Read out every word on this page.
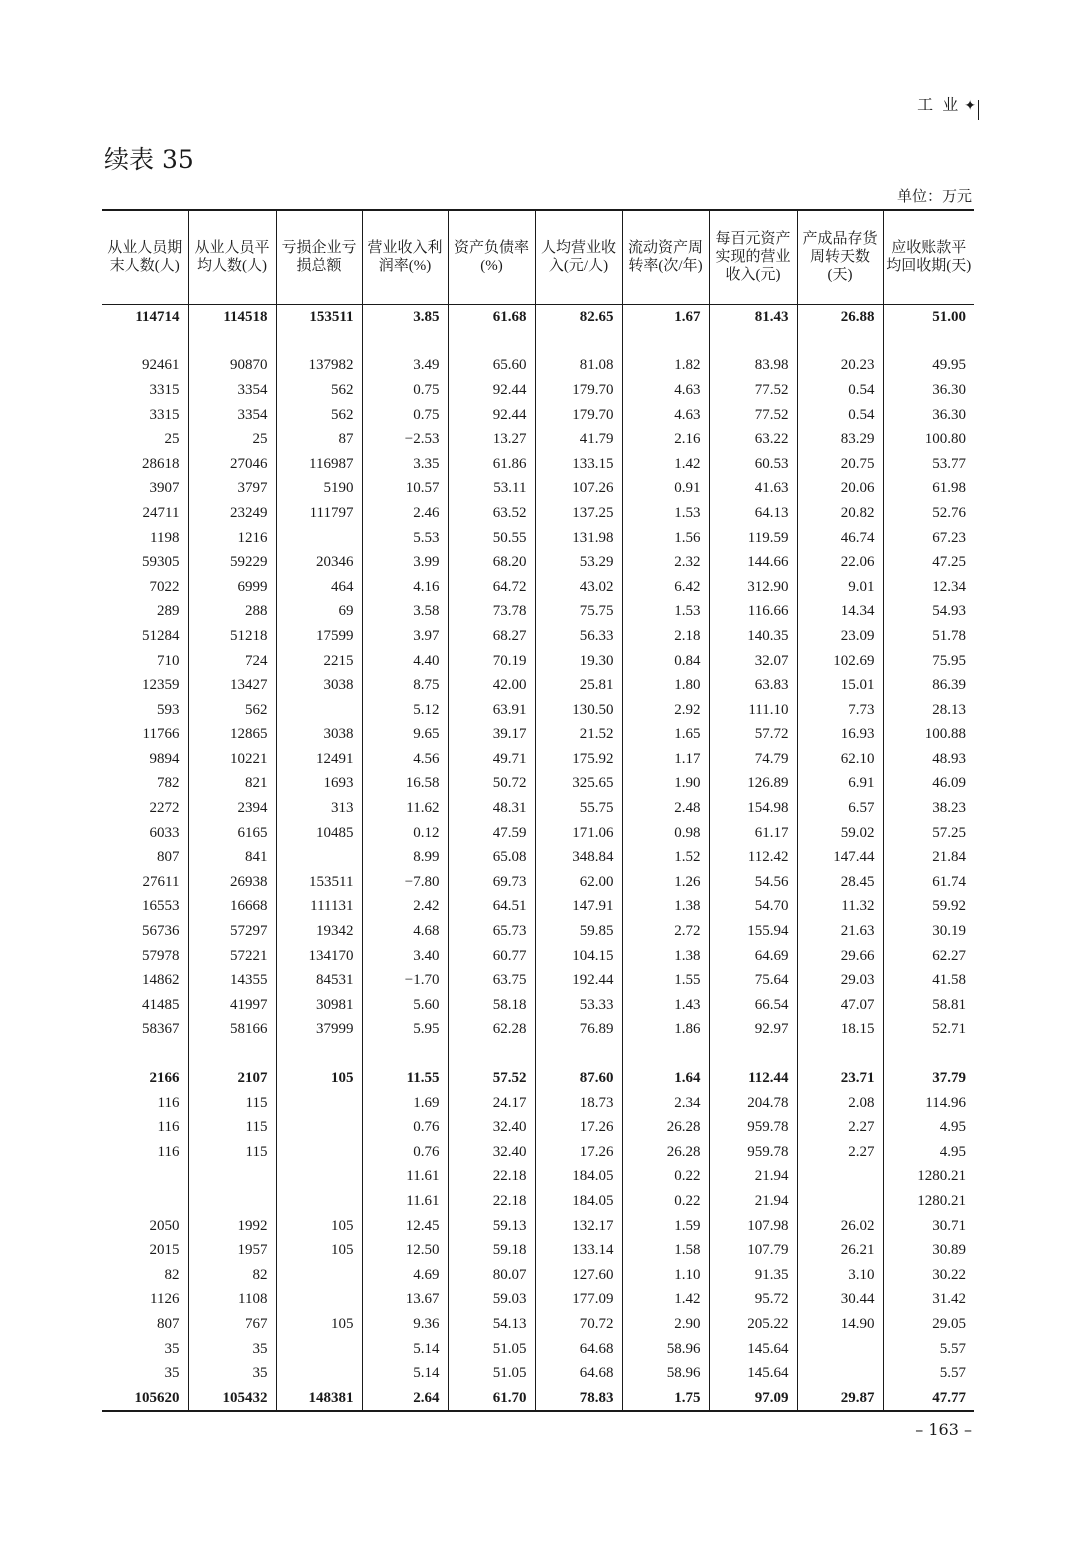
工 业 ✦
续表 35
单位：万元
从业人员期末人数(人)	从业人员平均人数(人)	亏损企业亏损总额	营业收入利润率(%)	资产负债率(%)	人均营业收入(元/人)	流动资产周转率(次/年)	每百元资产实现的营业收入(元)	产成品存货周转天数(天)	应收账款平均回收期(天)
114714	114518	153511	3.85	61.68	82.65	1.67	81.43	26.88	51.00

92461	90870	137982	3.49	65.60	81.08	1.82	83.98	20.23	49.95
3315	3354	562	0.75	92.44	179.70	4.63	77.52	0.54	36.30
3315	3354	562	0.75	92.44	179.70	4.63	77.52	0.54	36.30
25	25	87	−2.53	13.27	41.79	2.16	63.22	83.29	100.80
28618	27046	116987	3.35	61.86	133.15	1.42	60.53	20.75	53.77
3907	3797	5190	10.57	53.11	107.26	0.91	41.63	20.06	61.98
24711	23249	111797	2.46	63.52	137.25	1.53	64.13	20.82	52.76
1198	1216		5.53	50.55	131.98	1.56	119.59	46.74	67.23
59305	59229	20346	3.99	68.20	53.29	2.32	144.66	22.06	47.25
7022	6999	464	4.16	64.72	43.02	6.42	312.90	9.01	12.34
289	288	69	3.58	73.78	75.75	1.53	116.66	14.34	54.93
51284	51218	17599	3.97	68.27	56.33	2.18	140.35	23.09	51.78
710	724	2215	4.40	70.19	19.30	0.84	32.07	102.69	75.95
12359	13427	3038	8.75	42.00	25.81	1.80	63.83	15.01	86.39
593	562		5.12	63.91	130.50	2.92	111.10	7.73	28.13
11766	12865	3038	9.65	39.17	21.52	1.65	57.72	16.93	100.88
9894	10221	12491	4.56	49.71	175.92	1.17	74.79	62.10	48.93
782	821	1693	16.58	50.72	325.65	1.90	126.89	6.91	46.09
2272	2394	313	11.62	48.31	55.75	2.48	154.98	6.57	38.23
6033	6165	10485	0.12	47.59	171.06	0.98	61.17	59.02	57.25
807	841		8.99	65.08	348.84	1.52	112.42	147.44	21.84
27611	26938	153511	−7.80	69.73	62.00	1.26	54.56	28.45	61.74
16553	16668	111131	2.42	64.51	147.91	1.38	54.70	11.32	59.92
56736	57297	19342	4.68	65.73	59.85	2.72	155.94	21.63	30.19
57978	57221	134170	3.40	60.77	104.15	1.38	64.69	29.66	62.27
14862	14355	84531	−1.70	63.75	192.44	1.55	75.64	29.03	41.58
41485	41997	30981	5.60	58.18	53.33	1.43	66.54	47.07	58.81
58367	58166	37999	5.95	62.28	76.89	1.86	92.97	18.15	52.71

2166	2107	105	11.55	57.52	87.60	1.64	112.44	23.71	37.79
116	115		1.69	24.17	18.73	2.34	204.78	2.08	114.96
116	115		0.76	32.40	17.26	26.28	959.78	2.27	4.95
116	115		0.76	32.40	17.26	26.28	959.78	2.27	4.95
			11.61	22.18	184.05	0.22	21.94		1280.21
			11.61	22.18	184.05	0.22	21.94		1280.21
2050	1992	105	12.45	59.13	132.17	1.59	107.98	26.02	30.71
2015	1957	105	12.50	59.18	133.14	1.58	107.79	26.21	30.89
82	82		4.69	80.07	127.60	1.10	91.35	3.10	30.22
1126	1108		13.67	59.03	177.09	1.42	95.72	30.44	31.42
807	767	105	9.36	54.13	70.72	2.90	205.22	14.90	29.05
35	35		5.14	51.05	64.68	58.96	145.64		5.57
35	35		5.14	51.05	64.68	58.96	145.64		5.57
105620	105432	148381	2.64	61.70	78.83	1.75	97.09	29.87	47.77
– 163 –
